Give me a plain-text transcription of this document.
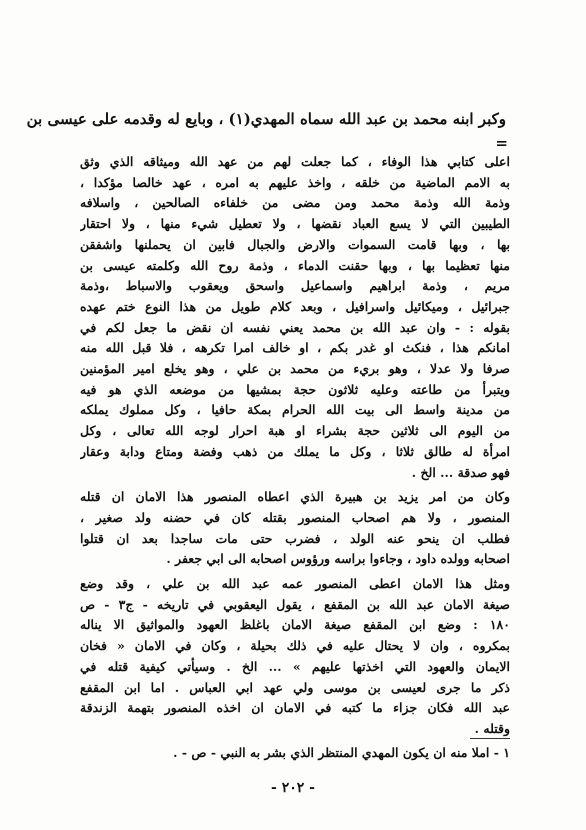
وكبر ابنه محمد بن عبد الله سماه المهدي(١) ، وبايع له وقدمه على عيسى بن
=
اعلى كتابي هذا الوفاء ، كما جعلت لهم من عهد الله وميثاقه الذي وثق
به الامم الماضية من خلقه ، واخذ عليهم به امره ، عهد خالصا مؤكدا ،
وذمة الله وذمة محمد ومن مضى من خلفاءه الصالحين ، واسلافه
الطيبين التي لا يسع العباد نقضها ، ولا تعطيل شيء منها ، ولا احتقار
بها ، وبها قامت السموات والارض والجبال فابين ان يحملنها واشفقن
منها تعظيما بها ، وبها حقنت الدماء ، وذمة روح الله وكلمته عيسى بن
مريم ، وذمة ابراهيم واسماعيل واسحق ويعقوب والاسباط ،وذمة
جبرائيل ، وميكائيل واسرافيل ، وبعد كلام طويل من هذا النوع ختم عهده
بقوله : - وان عبد الله بن محمد يعني نفسه ان نقض ما جعل لكم في
امانكم هذا ، فنكث او غدر بكم ، او خالف امرا تكرهه ، فلا قبل الله منه
صرفا ولا عدلا ، وهو بريء من محمد بن علي ، وهو يخلع امير المؤمنين
ويتبرأ من طاعته وعليه ثلاثون حجة بمشيها من موضعه الذي هو فيه
من مدينة واسط الى بيت الله الحرام بمكة حافيا ، وكل مملوك يملكه
من اليوم الى ثلاثين حجة بشراء او هبة احرار لوجه الله تعالى ، وكل
امرأة له طالق ثلاثا ، وكل ما يملك من ذهب وفضة ومتاع ودابة وعقار
فهو صدقة ... الخ .
وكان من امر يزيد بن هبيرة الذي اعطاه المنصور هذا الامان ان قتله
المنصور ، ولا هم اصحاب المنصور بقتله كان في حضنه ولد صغير ،
فطلب ان ينحو عنه الولد ، فضرب حتى مات ساجدا بعد ان قتلوا
اصحابه وولده داود ، وجاءوا براسه ورؤوس اصحابه الى ابي جعفر .
ومثل هذا الامان اعطى المنصور عمه عبد الله بن علي ، وقد وضع
صيغة الامان عبد الله بن المقفع ، يقول اليعقوبي في تاريخه - ج٣ - ص
١٨٠ : وضع ابن المقفع صيغة الامان باغلظ العهود والمواثيق الا يناله
بمكروه ، وان لا يحتال عليه في ذلك بحيلة ، وكان في الامان « فخان
الايمان والعهود التي اخذتها عليهم » ... الخ . وسيأتي كيفية قتله في
ذكر ما جرى لعيسى بن موسى ولي عهد ابي العباس . اما ابن المقفع
عبد الله فكان جزاء ما كتبه في الامان ان اخذه المنصور بتهمة الزندقة
وقتله .
١ - املا منه ان يكون المهدي المنتظر الذي بشر به النبي - ص - .
- ٢٠٢ -
